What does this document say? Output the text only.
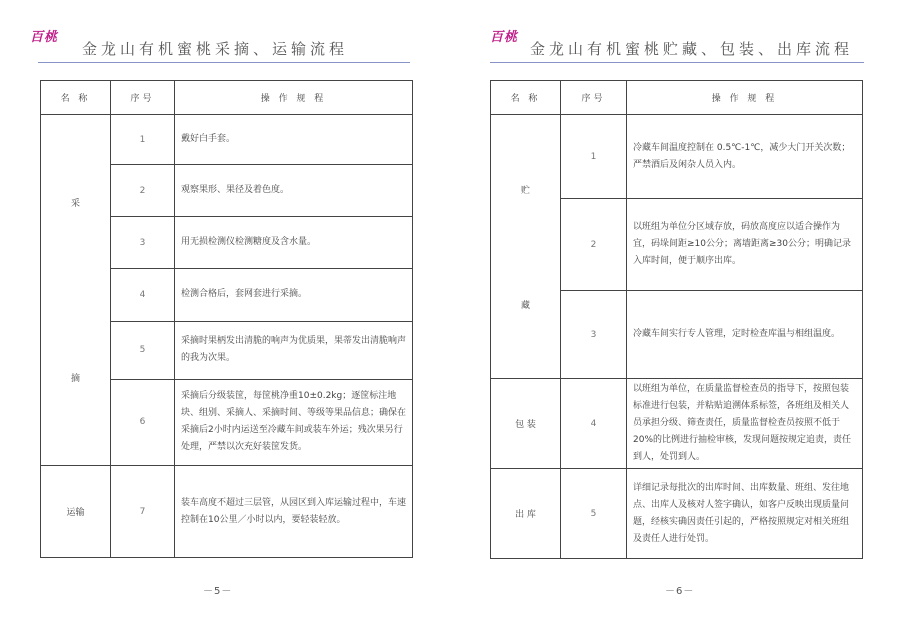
百桃
金龙山有机蜜桃采摘、运输流程
名 称	序号	操 作 规 程

采
摘	1	戴好白手套。
	2	观察果形、果径及着色度。
	3	用无损检测仪检测糖度及含水量。
	4	检测合格后，套网套进行采摘。
	5	采摘时果柄发出清脆的响声为优质果，果蒂发出清脆响声的我为次果。
	6	采摘后分级装筐，每筐桃净重10±0.2kg；逐筐标注地块、组别、采摘人、采摘时间、等级等果品信息；确保在采摘后2小时内运送至冷藏车间或装车外运；残次果另行处理，严禁以次充好装筐发货。
运输	7	装车高度不超过三层管，从园区到入库运输过程中，车速控制在10公里／小时以内，要轻装轻放。
－5－
百桃
金龙山有机蜜桃贮藏、包装、出库流程
名 称	序号	操 作 规 程

贮
藏	1	冷藏车间温度控制在 0.5℃-1℃，减少大门开关次数；严禁酒后及闲杂人员入内。
	2	以班组为单位分区域存放，码放高度应以适合操作为宜，码垛间距≥10公分；离墙距离≥30公分；明确记录入库时间，便于顺序出库。
	3	冷藏车间实行专人管理，定时检查库温与相组温度。
包 装	4	以班组为单位，在质量监督检查员的指导下，按照包装标准进行包装，并粘贴追溯体系标签，各班组及相关人员承担分级、筛查责任，质量监督检查员按照不低于20%的比例进行抽检审核，发现问题按规定追责，责任到人，处罚到人。
出 库	5	详细记录每批次的出库时间、出库数量、班组、发往地点、出库人及核对人签字确认，如客户反映出现质量问题，经核实确因责任引起的，严格按照规定对相关班组及责任人进行处罚。
－6－
